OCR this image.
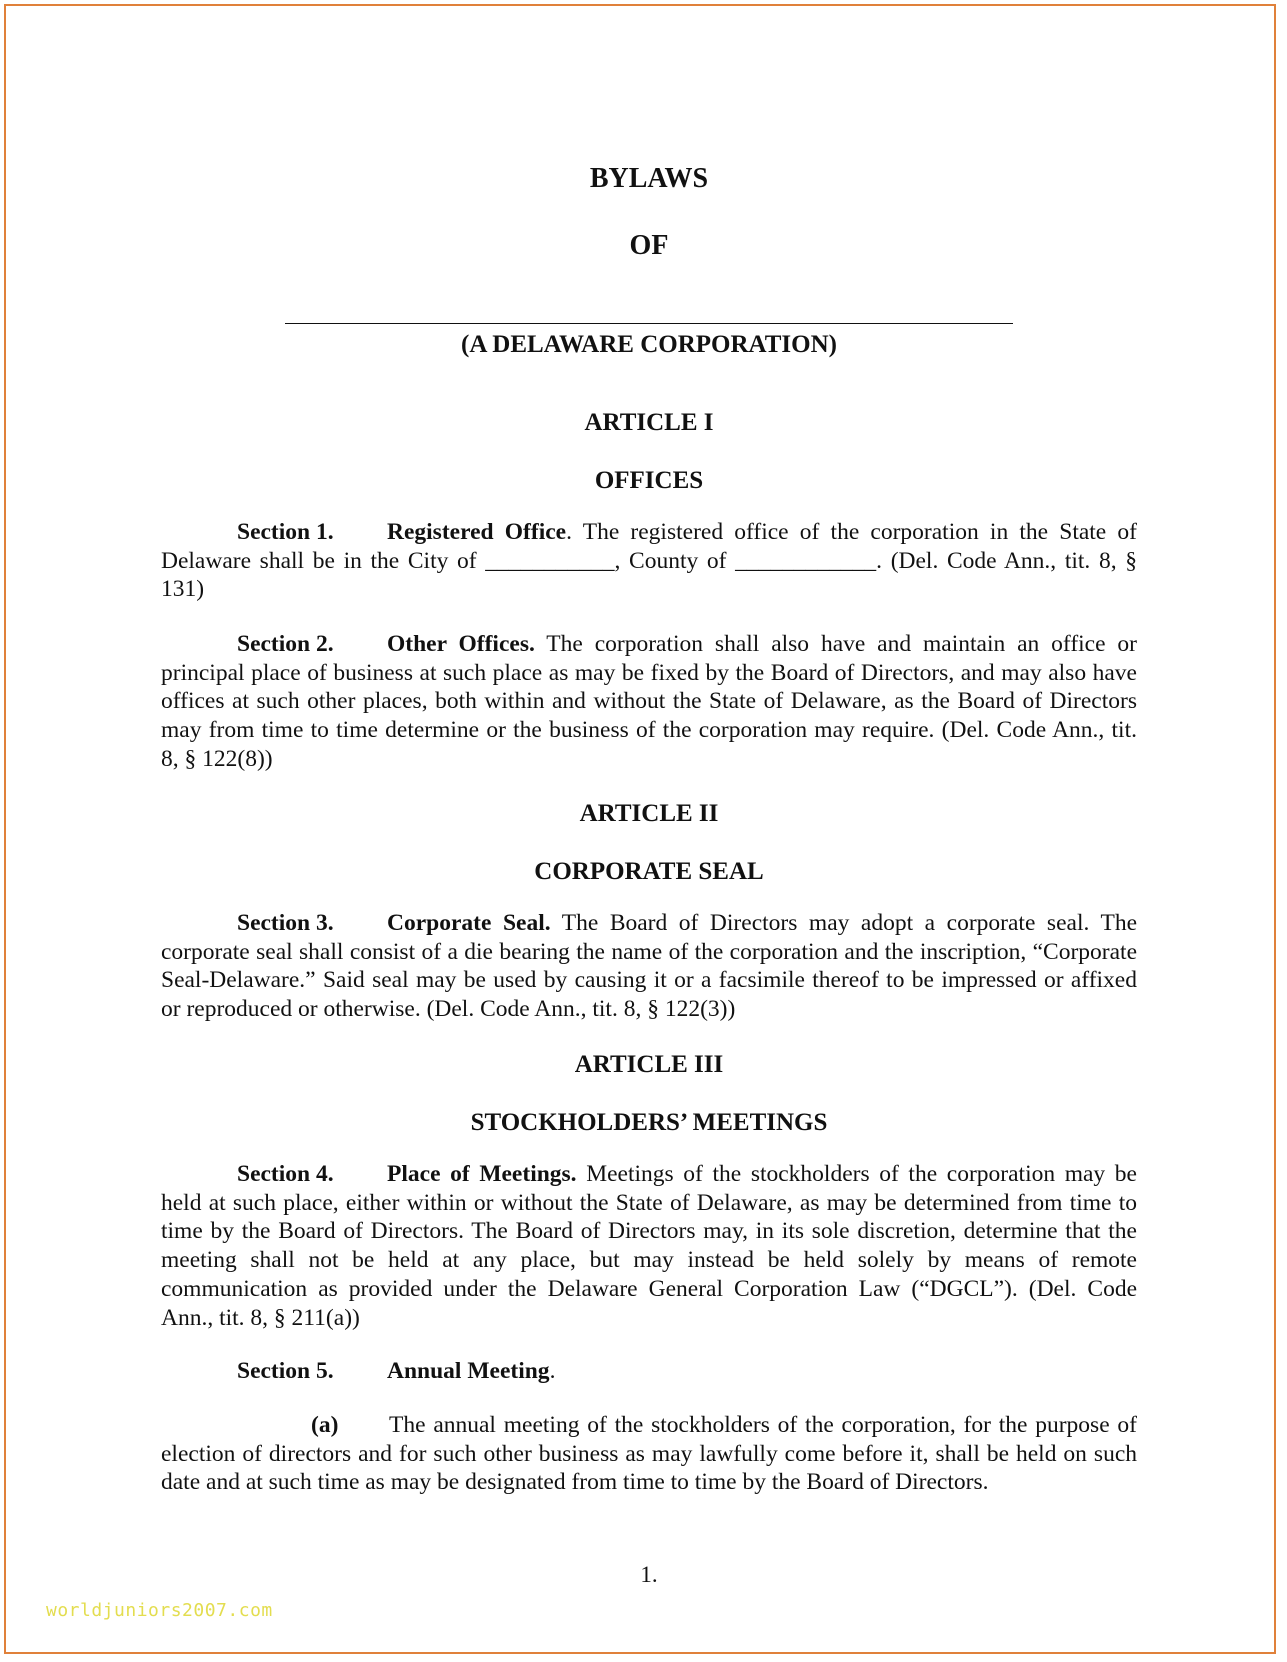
BYLAWS
OF
(A DELAWARE CORPORATION)
ARTICLE I
OFFICES

Section 1. Registered Office. The registered office of the corporation in the State of Delaware shall be in the City of ___________, County of ____________. (Del. Code Ann., tit. 8, § 131)

Section 2. Other Offices. The corporation shall also have and maintain an office or principal place of business at such place as may be fixed by the Board of Directors, and may also have offices at such other places, both within and without the State of Delaware, as the Board of Directors may from time to time determine or the business of the corporation may require. (Del. Code Ann., tit. 8, § 122(8))

ARTICLE II
CORPORATE SEAL

Section 3. Corporate Seal. The Board of Directors may adopt a corporate seal. The corporate seal shall consist of a die bearing the name of the corporation and the inscription, “Corporate Seal-Delaware.” Said seal may be used by causing it or a facsimile thereof to be impressed or affixed or reproduced or otherwise. (Del. Code Ann., tit. 8, § 122(3))

ARTICLE III
STOCKHOLDERS’ MEETINGS

Section 4. Place of Meetings. Meetings of the stockholders of the corporation may be held at such place, either within or without the State of Delaware, as may be determined from time to time by the Board of Directors. The Board of Directors may, in its sole discretion, determine that the meeting shall not be held at any place, but may instead be held solely by means of remote communication as provided under the Delaware General Corporation Law (“DGCL”). (Del. Code Ann., tit. 8, § 211(a))

Section 5. Annual Meeting.

(a) The annual meeting of the stockholders of the corporation, for the purpose of election of directors and for such other business as may lawfully come before it, shall be held on such date and at such time as may be designated from time to time by the Board of Directors.

1.
worldjuniors2007.com
